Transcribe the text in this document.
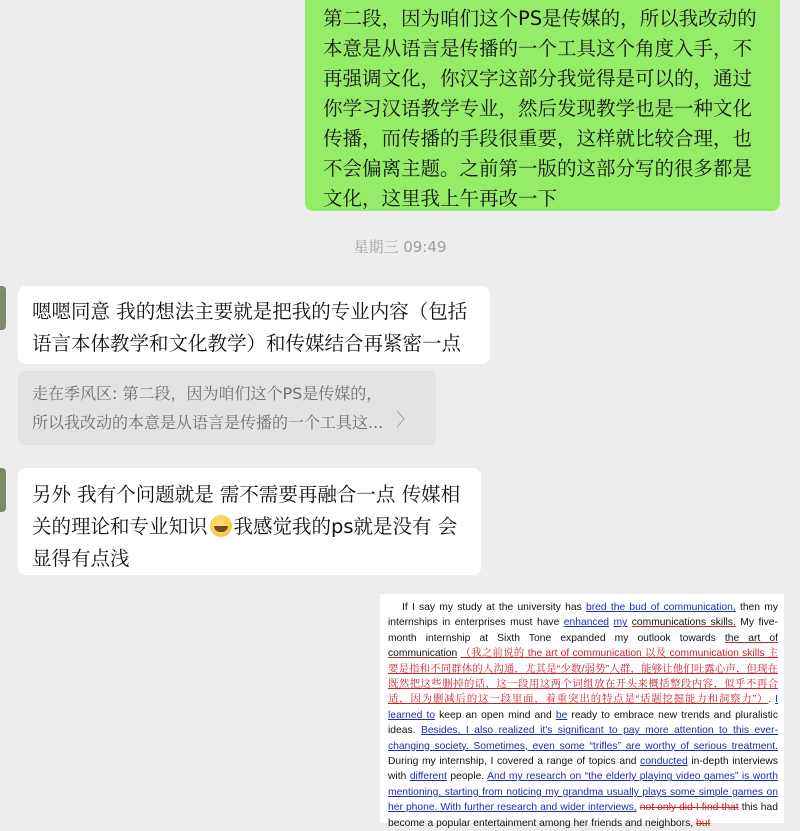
第二段，因为咱们这个PS是传媒的，所以我改动的本意是从语言是传播的一个工具这个角度入手，不再强调文化，你汉字这部分我觉得是可以的，通过你学习汉语教学专业，然后发现教学也是一种文化传播，而传播的手段很重要，这样就比较合理，也不会偏离主题。之前第一版的这部分写的很多都是文化，这里我上午再改一下
星期三 09:49
嗯嗯同意 我的想法主要就是把我的专业内容（包括语言本体教学和文化教学）和传媒结合再紧密一点
走在季风区: 第二段，因为咱们这个PS是传媒的，
所以我改动的本意是从语言是传播的一个工具这... 〉
另外 我有个问题就是 需不需要再融合一点 传媒相关的理论和专业知识 我感觉我的ps就是没有 会显得有点浅
If I say my study at the university has bred the bud of communication, then my internships in enterprises must have enhanced my communications skills. My five-month internship at Sixth Tone expanded my outlook towards the art of communication （我之前说的 the art of communication 以及 communication skills 主要是指和不同群体的人沟通，尤其是“少数/弱势”人群，能够让他们吐露心声，但现在既然把这些删掉的话，这一段用这两个词组放在开头来概括整段内容，似乎不再合适，因为删减后的这一段里面，着重突出的特点是“话题挖掘能力和洞察力”）. I learned to keep an open mind and be ready to embrace new trends and pluralistic ideas. Besides, I also realized it's significant to pay more attention to this ever-changing society. Sometimes, even some “trifles” are worthy of serious treatment. During my internship, I covered a range of topics and conducted in-depth interviews with different people. And my research on “the elderly playing video games” is worth mentioning, starting from noticing my grandma usually plays some simple games on her phone. With further research and wider interviews, not only did I find that this had become a popular entertainment among her friends and neighbors, but
